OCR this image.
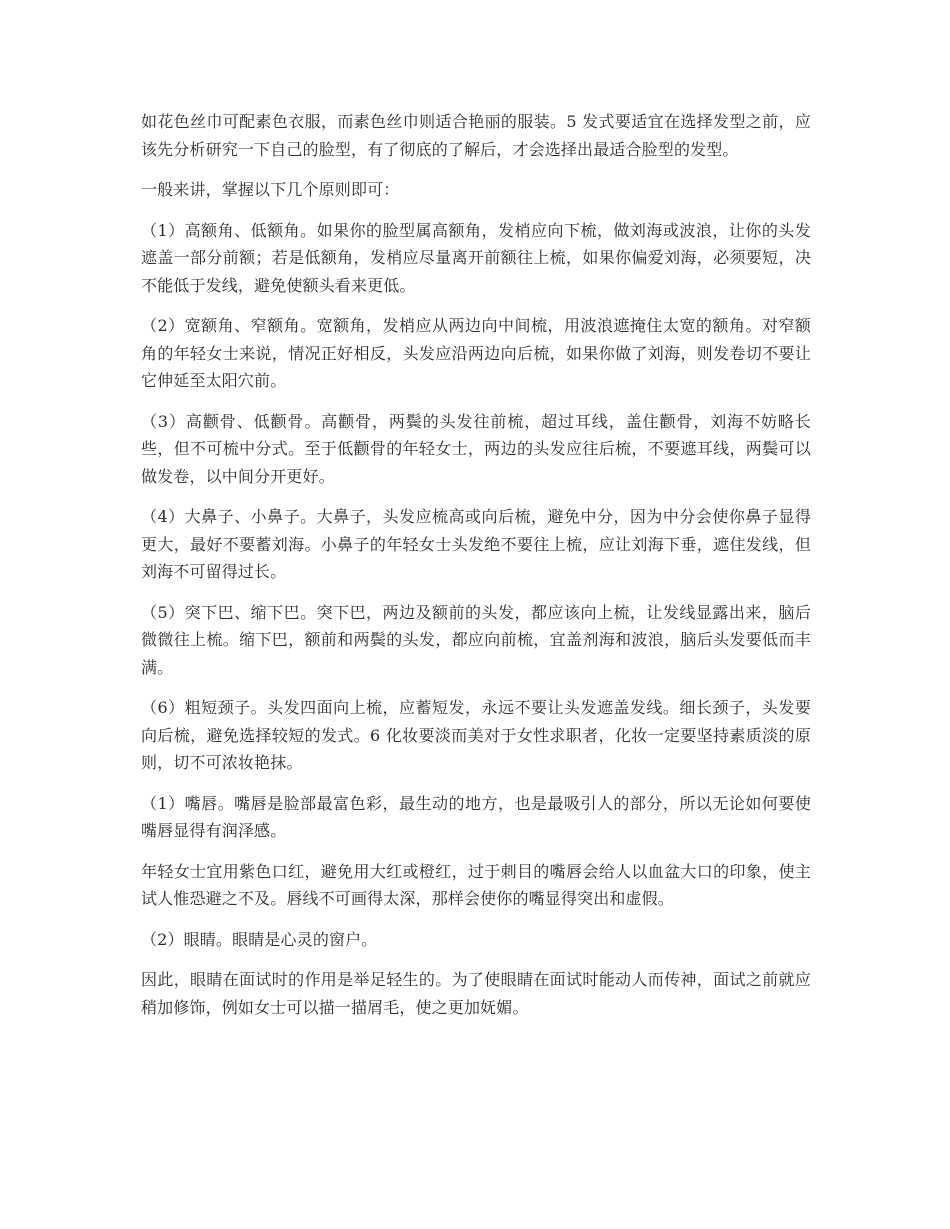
如花色丝巾可配素色衣服，而素色丝巾则适合艳丽的服装。5 发式要适宜在选择发型之前，应该先分析研究一下自己的脸型，有了彻底的了解后，才会选择出最适合脸型的发型。

一般来讲，掌握以下几个原则即可：

（1）高额角、低额角。如果你的脸型属高额角，发梢应向下梳，做刘海或波浪，让你的头发遮盖一部分前额；若是低额角，发梢应尽量离开前额往上梳，如果你偏爱刘海，必须要短，决不能低于发线，避免使额头看来更低。

（2）宽额角、窄额角。宽额角，发梢应从两边向中间梳，用波浪遮掩住太宽的额角。对窄额角的年轻女士来说，情况正好相反，头发应沿两边向后梳，如果你做了刘海，则发卷切不要让它伸延至太阳穴前。

（3）高颧骨、低颧骨。高颧骨，两鬓的头发往前梳，超过耳线，盖住颧骨，刘海不妨略长些，但不可梳中分式。至于低颧骨的年轻女士，两边的头发应往后梳，不要遮耳线，两鬓可以做发卷，以中间分开更好。

（4）大鼻子、小鼻子。大鼻子，头发应梳高或向后梳，避免中分，因为中分会使你鼻子显得更大，最好不要蓄刘海。小鼻子的年轻女士头发绝不要往上梳，应让刘海下垂，遮住发线，但刘海不可留得过长。

（5）突下巴、缩下巴。突下巴，两边及额前的头发，都应该向上梳，让发线显露出来，脑后微微往上梳。缩下巴，额前和两鬓的头发，都应向前梳，宜盖剂海和波浪，脑后头发要低而丰满。

（6）粗短颈子。头发四面向上梳，应蓄短发，永远不要让头发遮盖发线。细长颈子，头发要向后梳，避免选择较短的发式。6 化妆要淡而美对于女性求职者，化妆一定要坚持素质淡的原则，切不可浓妆艳抹。

（1）嘴唇。嘴唇是脸部最富色彩，最生动的地方，也是最吸引人的部分，所以无论如何要使嘴唇显得有润泽感。

年轻女士宜用紫色口红，避免用大红或橙红，过于刺目的嘴唇会给人以血盆大口的印象，使主试人惟恐避之不及。唇线不可画得太深，那样会使你的嘴显得突出和虚假。

（2）眼睛。眼睛是心灵的窗户。

因此，眼睛在面试时的作用是举足轻生的。为了使眼睛在面试时能动人而传神，面试之前就应稍加修饰，例如女士可以描一描屑毛，使之更加妩媚。
